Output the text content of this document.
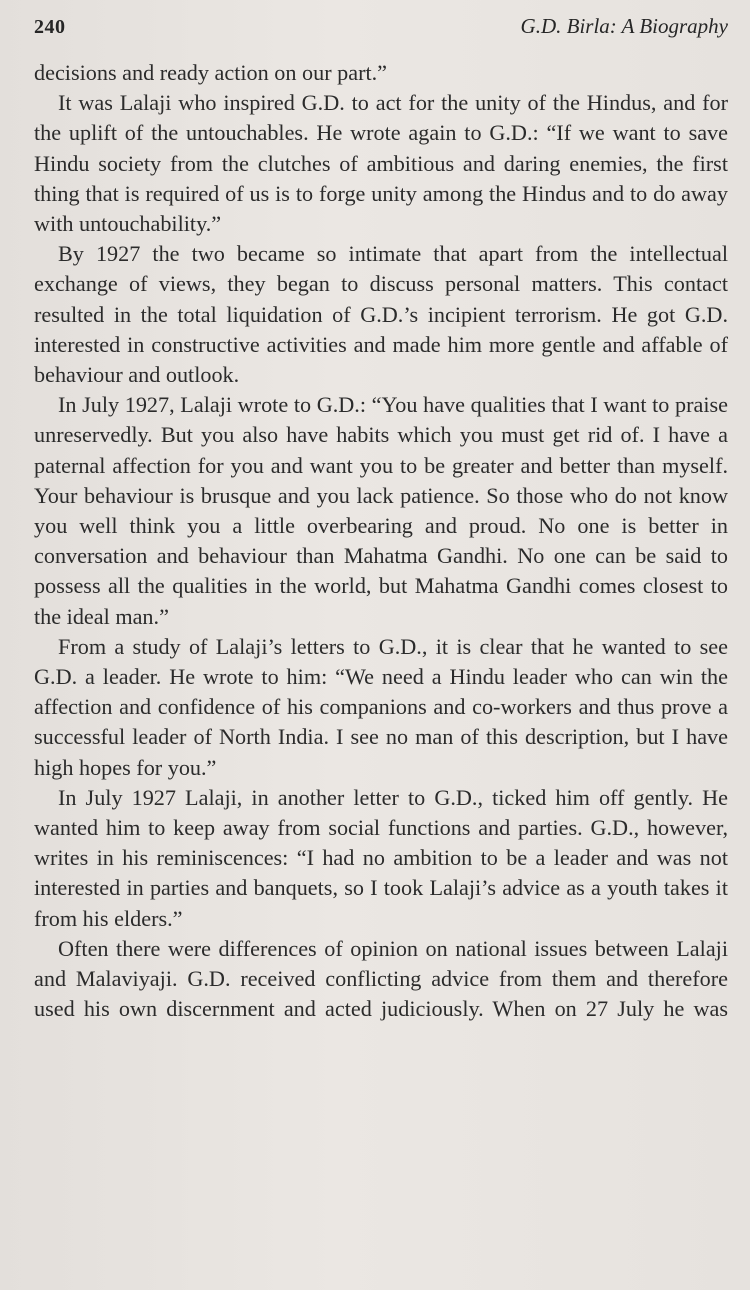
240	G.D. Birla: A Biography

decisions and ready action on our part.”

It was Lalaji who inspired G.D. to act for the unity of the Hindus, and for the uplift of the untouchables. He wrote again to G.D.: “If we want to save Hindu society from the clutches of ambitious and daring enemies, the first thing that is required of us is to forge unity among the Hindus and to do away with untouchability.”

By 1927 the two became so intimate that apart from the intellectual exchange of views, they began to discuss personal matters. This contact resulted in the total liquidation of G.D.’s incipient terrorism. He got G.D. interested in constructive activities and made him more gentle and affable of behaviour and outlook.

In July 1927, Lalaji wrote to G.D.: “You have qualities that I want to praise unreservedly. But you also have habits which you must get rid of. I have a paternal affection for you and want you to be greater and better than myself. Your behaviour is brusque and you lack patience. So those who do not know you well think you a little overbearing and proud. No one is better in conversation and behaviour than Mahatma Gandhi. No one can be said to possess all the qualities in the world, but Mahatma Gandhi comes closest to the ideal man.”

From a study of Lalaji’s letters to G.D., it is clear that he wanted to see G.D. a leader. He wrote to him: “We need a Hindu leader who can win the affection and confidence of his companions and co-workers and thus prove a successful leader of North India. I see no man of this description, but I have high hopes for you.”

In July 1927 Lalaji, in another letter to G.D., ticked him off gently. He wanted him to keep away from social functions and parties. G.D., however, writes in his reminiscences: “I had no ambition to be a leader and was not interested in parties and banquets, so I took Lalaji’s advice as a youth takes it from his elders.”

Often there were differences of opinion on national issues between Lalaji and Malaviyaji. G.D. received conflicting advice from them and therefore used his own discernment and acted judiciously. When on 27 July he was
